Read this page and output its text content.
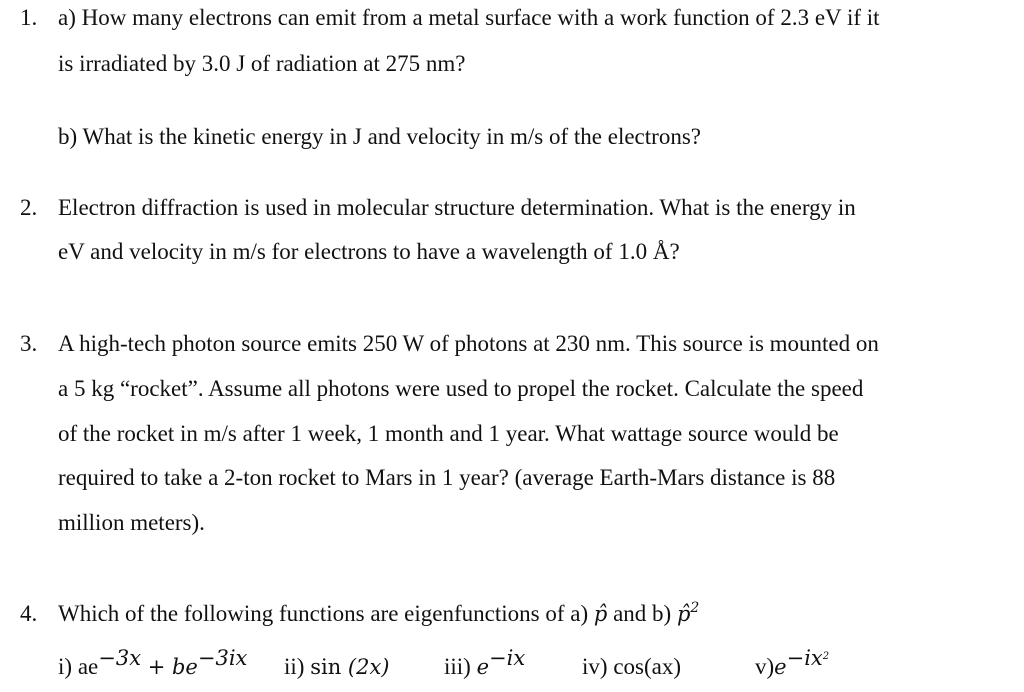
1. a) How many electrons can emit from a metal surface with a work function of 2.3 eV if it
is irradiated by 3.0 J of radiation at 275 nm?
b) What is the kinetic energy in J and velocity in m/s of the electrons?
2. Electron diffraction is used in molecular structure determination. What is the energy in
eV and velocity in m/s for electrons to have a wavelength of 1.0 Å?
3. A high-tech photon source emits 250 W of photons at 230 nm. This source is mounted on
a 5 kg “rocket”. Assume all photons were used to propel the rocket. Calculate the speed
of the rocket in m/s after 1 week, 1 month and 1 year. What wattage source would be
required to take a 2-ton rocket to Mars in 1 year? (average Earth-Mars distance is 88
million meters).
4. Which of the following functions are eigenfunctions of a) p̂ and b) p̂$^2$
i) $ae^{-3x} + be^{-3ix}$ ii) sin (2x) iii) $e^{-ix}$ iv) cos(ax)	$v)e^{-ix^2}$
